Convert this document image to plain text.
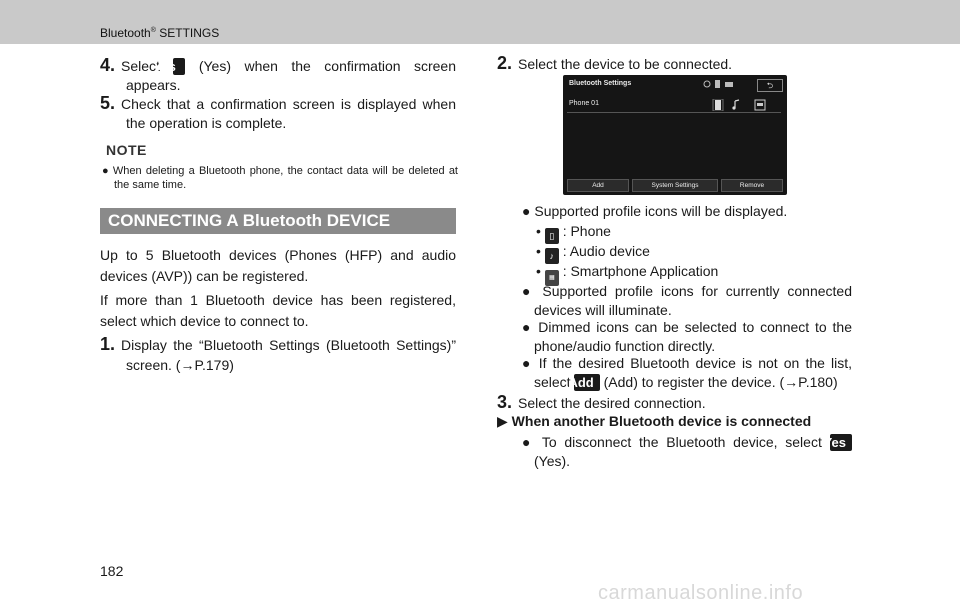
Bluetooth® SETTINGS
4. Select Yes (Yes) when the confirmation screen appears.
5. Check that a confirmation screen is displayed when the operation is complete.
NOTE
● When deleting a Bluetooth phone, the contact data will be deleted at the same time.
CONNECTING A Bluetooth DEVICE
Up to 5 Bluetooth devices (Phones (HFP) and audio devices (AVP)) can be registered.
If more than 1 Bluetooth device has been registered, select which device to connect to.
1. Display the “Bluetooth Settings (Bluetooth Settings)” screen. (→P.179)
182
2. Select the device to be connected.
Bluetooth Settings	⮌
Phone 01
Add	System Settings	Remove
● Supported profile icons will be displayed.
• ▯ : Phone
• ♪ : Audio device
• ▦ : Smartphone Application
● Supported profile icons for currently connected devices will illuminate.
● Dimmed icons can be selected to connect to the phone/audio function directly.
● If the desired Bluetooth device is not on the list, select Add (Add) to register the device. (→P.180)
3. Select the desired connection.
▶ When another Bluetooth device is connected
● To disconnect the Bluetooth device, select Yes (Yes).
carmanualsonline.info
